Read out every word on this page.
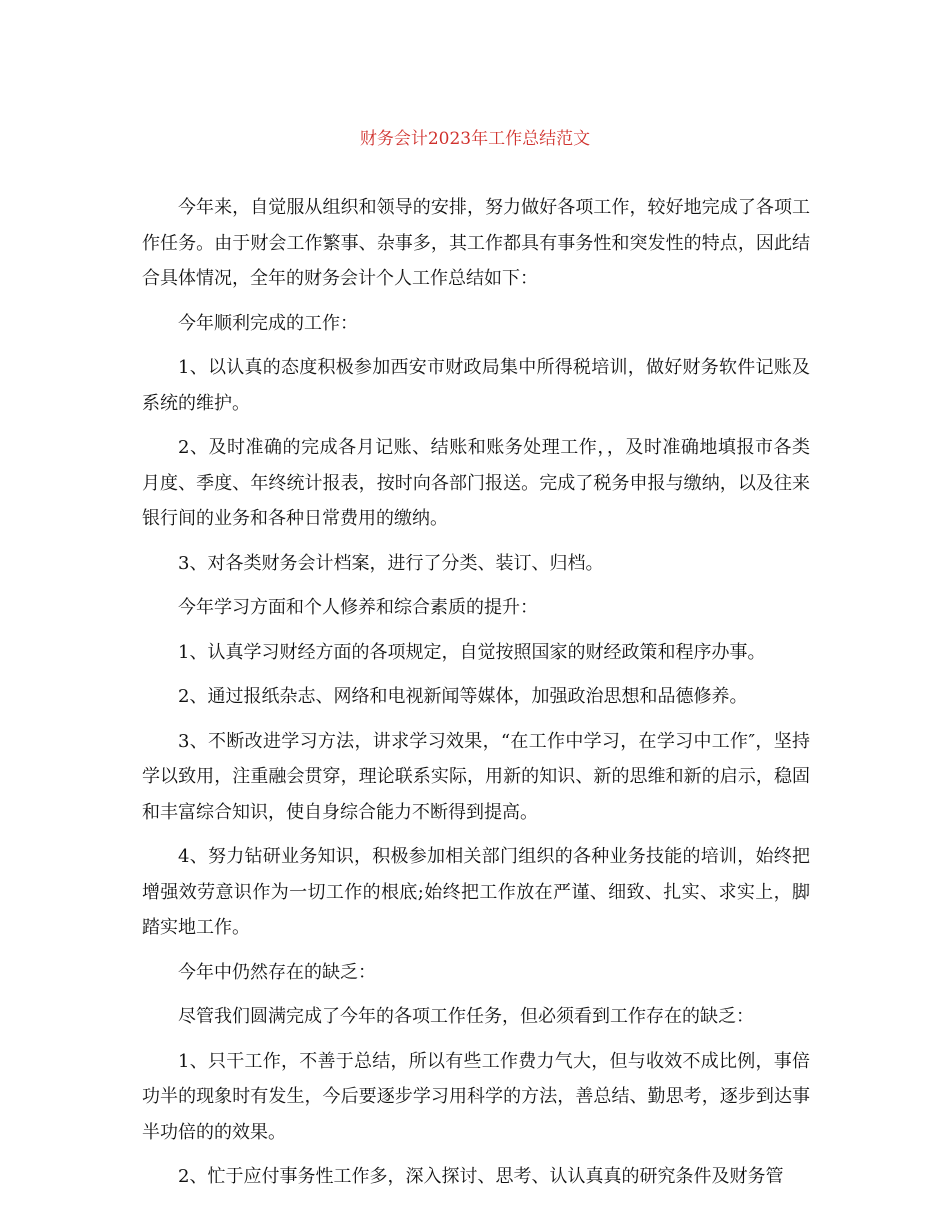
财务会计2023年工作总结范文

今年来，自觉服从组织和领导的安排，努力做好各项工作，较好地完成了各项工作任务。由于财会工作繁事、杂事多，其工作都具有事务性和突发性的特点，因此结合具体情况，全年的财务会计个人工作总结如下：

今年顺利完成的工作：

1、以认真的态度积极参加西安市财政局集中所得税培训，做好财务软件记账及系统的维护。

2、及时准确的完成各月记账、结账和账务处理工作，，及时准确地填报市各类月度、季度、年终统计报表，按时向各部门报送。完成了税务申报与缴纳，以及往来银行间的业务和各种日常费用的缴纳。

3、对各类财务会计档案，进行了分类、装订、归档。

今年学习方面和个人修养和综合素质的提升：

1、认真学习财经方面的各项规定，自觉按照国家的财经政策和程序办事。

2、通过报纸杂志、网络和电视新闻等媒体，加强政治思想和品德修养。

3、不断改进学习方法，讲求学习效果，“在工作中学习，在学习中工作″，坚持学以致用，注重融会贯穿，理论联系实际，用新的知识、新的思维和新的启示，稳固和丰富综合知识，使自身综合能力不断得到提高。

4、努力钻研业务知识，积极参加相关部门组织的各种业务技能的培训，始终把增强效劳意识作为一切工作的根底;始终把工作放在严谨、细致、扎实、求实上，脚踏实地工作。

今年中仍然存在的缺乏：

尽管我们圆满完成了今年的各项工作任务，但必须看到工作存在的缺乏：

1、只干工作，不善于总结，所以有些工作费力气大，但与收效不成比例，事倍功半的现象时有发生，今后要逐步学习用科学的方法，善总结、勤思考，逐步到达事半功倍的的效果。

2、忙于应付事务性工作多，深入探讨、思考、认认真真的研究条件及财务管
